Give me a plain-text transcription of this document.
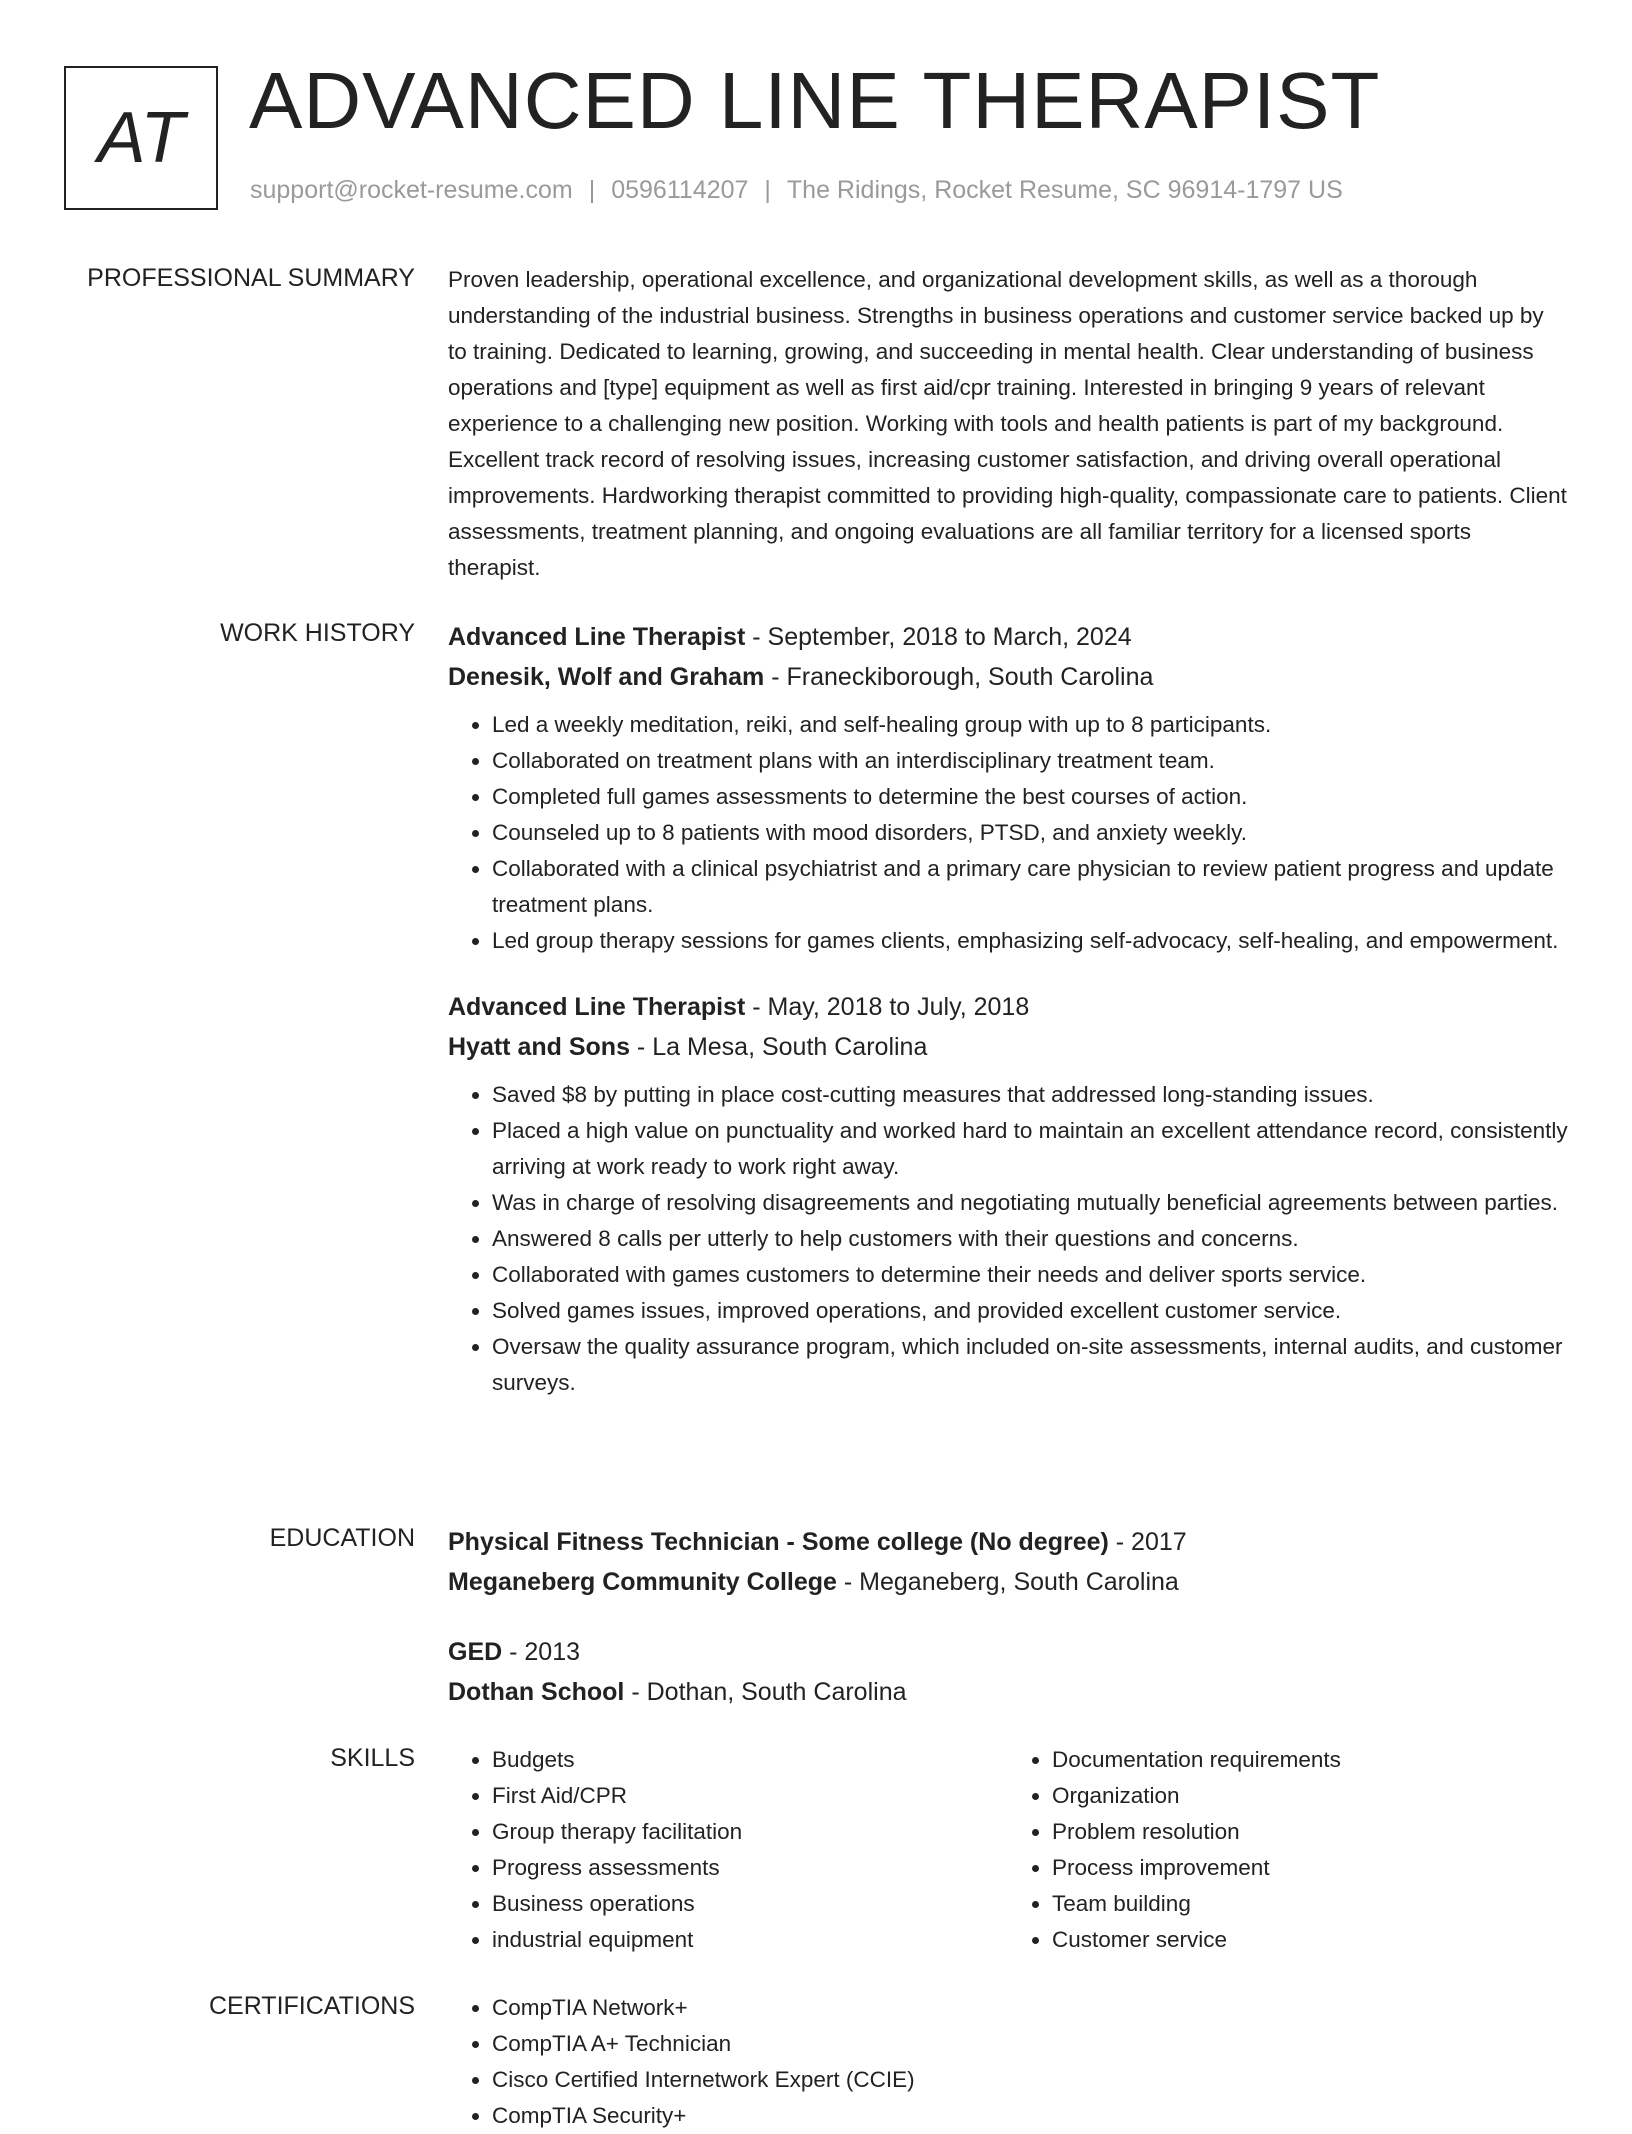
AT ADVANCED LINE THERAPIST
support@rocket-resume.com | 0596114207 | The Ridings, Rocket Resume, SC 96914-1797 US
PROFESSIONAL SUMMARY Proven leadership, operational excellence, and organizational development skills, as well as a thorough understanding of the industrial business. Strengths in business operations and customer service backed up by to training. Dedicated to learning, growing, and succeeding in mental health. Clear understanding of business operations and [type] equipment as well as first aid/cpr training. Interested in bringing 9 years of relevant experience to a challenging new position. Working with tools and health patients is part of my background. Excellent track record of resolving issues, increasing customer satisfaction, and driving overall operational improvements. Hardworking therapist committed to providing high-quality, compassionate care to patients. Client assessments, treatment planning, and ongoing evaluations are all familiar territory for a licensed sports therapist.

WORK HISTORY Advanced Line Therapist - September, 2018 to March, 2024
Denesik, Wolf and Graham - Franeckiborough, South Carolina
• Led a weekly meditation, reiki, and self-healing group with up to 8 participants.
• Collaborated on treatment plans with an interdisciplinary treatment team.
• Completed full games assessments to determine the best courses of action.
• Counseled up to 8 patients with mood disorders, PTSD, and anxiety weekly.
• Collaborated with a clinical psychiatrist and a primary care physician to review patient progress and update treatment plans.
• Led group therapy sessions for games clients, emphasizing self-advocacy, self-healing, and empowerment.
Advanced Line Therapist - May, 2018 to July, 2018
Hyatt and Sons - La Mesa, South Carolina
• Saved $8 by putting in place cost-cutting measures that addressed long-standing issues.
• Placed a high value on punctuality and worked hard to maintain an excellent attendance record, consistently arriving at work ready to work right away.
• Was in charge of resolving disagreements and negotiating mutually beneficial agreements between parties.
• Answered 8 calls per utterly to help customers with their questions and concerns.
• Collaborated with games customers to determine their needs and deliver sports service.
• Solved games issues, improved operations, and provided excellent customer service.
• Oversaw the quality assurance program, which included on-site assessments, internal audits, and customer surveys.
EDUCATION Physical Fitness Technician - Some college (No degree) - 2017
Meganeberg Community College - Meganeberg, South Carolina
GED - 2013
Dothan School - Dothan, South Carolina
SKILLS	• Budgets
• First Aid/CPR
• Group therapy facilitation
• Progress assessments
• Business operations
• industrial equipment
• Documentation requirements
• Organization
• Problem resolution
• Process improvement
• Team building
• Customer service
CERTIFICATIONS	• CompTIA Network+
• CompTIA A+ Technician
• Cisco Certified Internetwork Expert (CCIE)
• CompTIA Security+
